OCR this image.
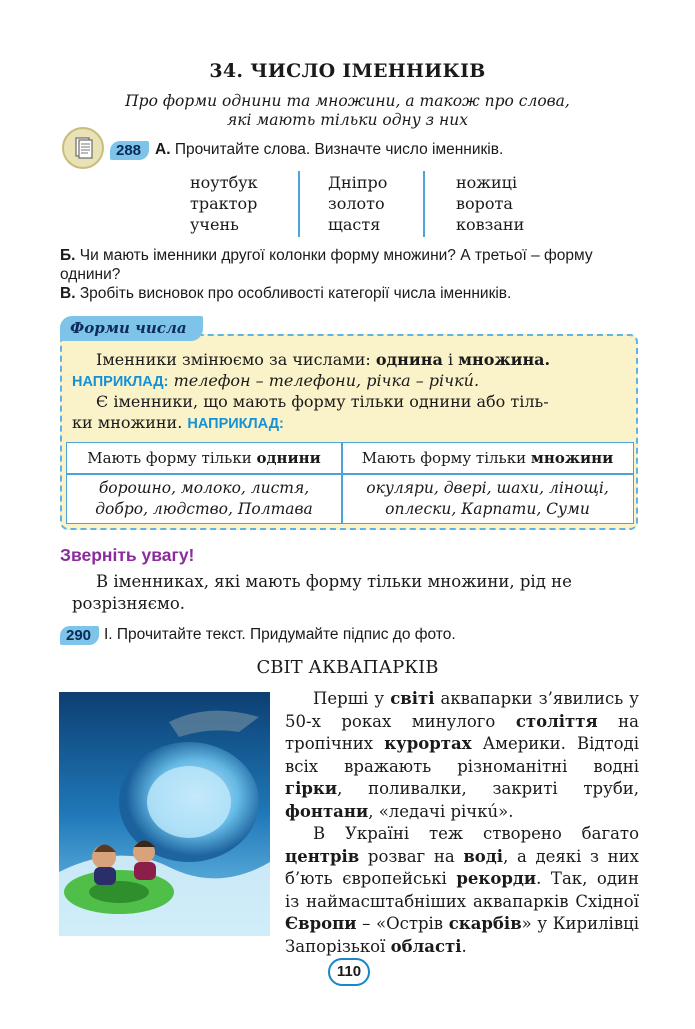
34. ЧИСЛО ІМЕННИКІВ
Про форми однини та множини, а також про слова,
які мають тільки одну з них
288 А. Прочитайте слова. Визначте число іменників.
ноутбук
трактор
учень
Дніпро
золото
щастя
ножиці
ворота
ковзани
Б. Чи мають іменники другої колонки форму множини? А третьої – форму
однини?
В. Зробіть висновок про особливості категорії числа іменників.
Форми числа
Іменники змінюємо за числами: однина і множина.
НАПРИКЛАД: телефон – телефони, річка – річкú.
Є іменники, що мають форму тільки однини або тіль-
ки множини. НАПРИКЛАД:
Мають форму тільки однини	Мають форму тільки множини
борошно, молоко, листя,
добро, людство, Полтава
окуляри, двері, шахи, лінощі,
оплески, Карпати, Суми
Зверніть увагу!
В іменниках, які мають форму тільки множини, рід не
розрізняємо.
290 I. Прочитайте текст. Придумайте підпис до фото.
СВІТ АКВАПАРКІВ
Перші у світі аквапарки з’явились у 50-х роках минулого століття на тропічних курортах Америки. Відтоді всіх вражають різноманітні водні гірки, поливалки, закриті труби, фонтани, «ледачі річкú».
В Україні теж створено багато центрів розваг на воді, а деякі з них б’ють європейські рекорди. Так, один із наймасштабніших аквапарків Східної Європи – «Острів скарбів» у Кирилівці Запорізької області.
110
